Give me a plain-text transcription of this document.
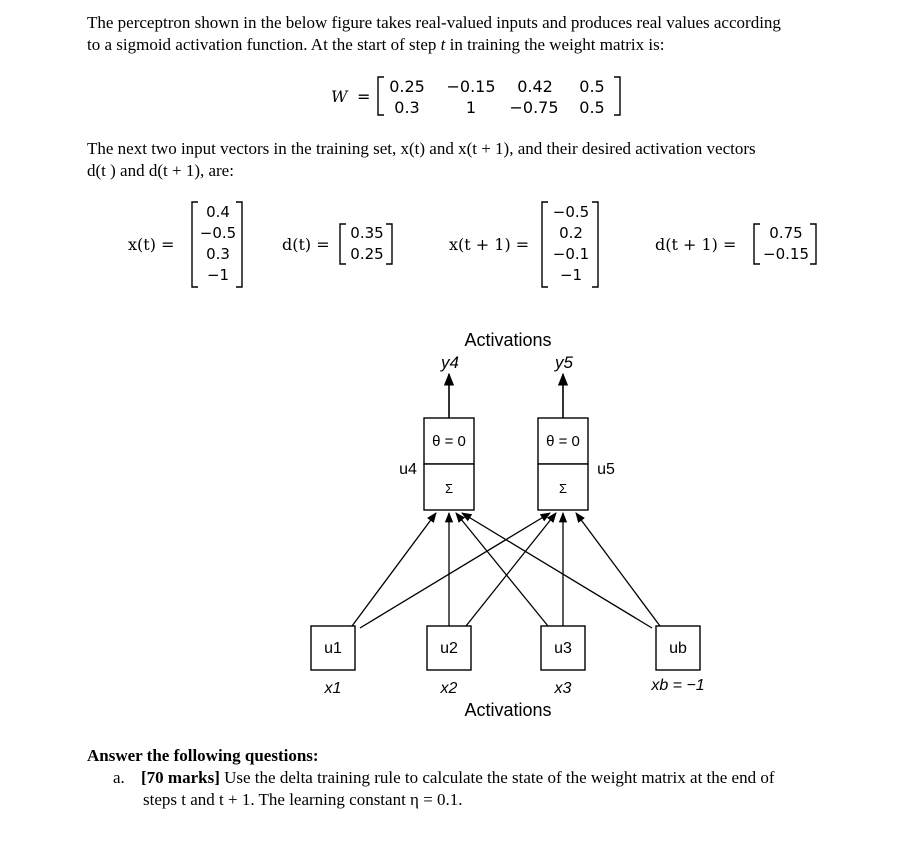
The perceptron shown in the below figure takes real-valued inputs and produces real values according
to a sigmoid activation function. At the start of step t in training the weight matrix is:
W =
0.25 −0.15	0.42	0.5
0.3	1	−0.75	0.5
The next two input vectors in the training set, x(t) and x(t + 1), and their desired activation vectors
d(t ) and d(t + 1), are:
x(t) =
0.4
−0.5
0.3
−1
d(t) =
0.35
0.25	x(t + 1) =
−0.5
0.2
−0.1
−1
d(t + 1) =
0.75
−0.15
Activations
y4	y5
θ = 0
Σ
u4
θ = 0
Σ
u5
u1	u2	u3	ub
x1	x2	x3	xb = −1
Activations
Answer the following questions:
a. [70 marks] Use the delta training rule to calculate the state of the weight matrix at the end of
steps t and t + 1. The learning constant η = 0.1.
